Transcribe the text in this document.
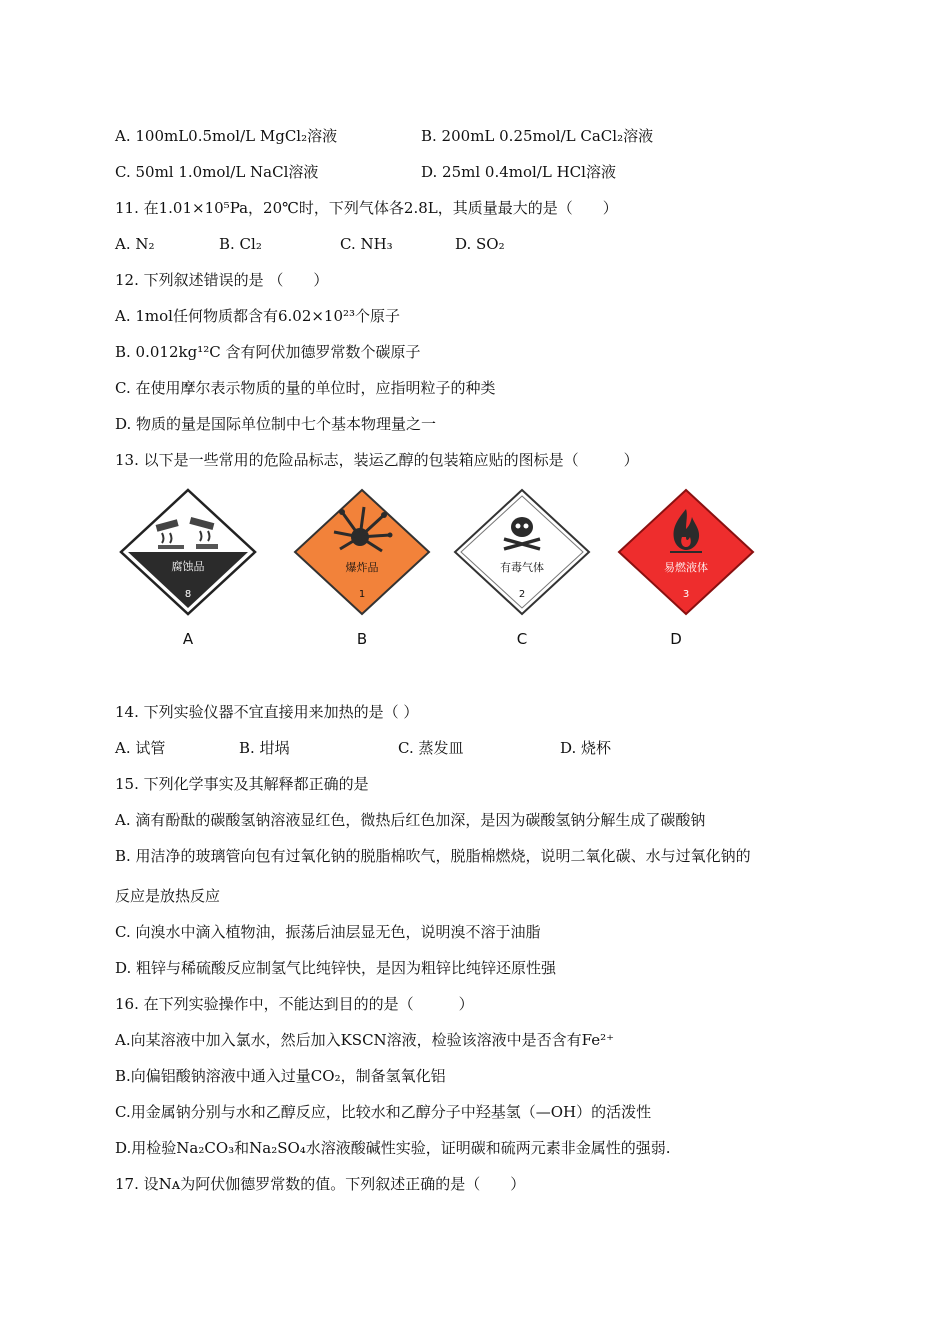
A. 100mL0.5mol/L MgCl₂溶液	B. 200mL 0.25mol/L CaCl₂溶液
C. 50ml 1.0mol/L NaCl溶液	D. 25ml 0.4mol/L HCl溶液
11. 在1.01×10⁵Pa，20℃时，下列气体各2.8L，其质量最大的是（　　）
A. N₂	B. Cl₂	C. NH₃	D. SO₂
12. 下列叙述错误的是 （　　）
A. 1mol任何物质都含有6.02×10²³个原子
B. 0.012kg¹²C 含有阿伏加德罗常数个碳原子
C. 在使用摩尔表示物质的量的单位时，应指明粒子的种类
D. 物质的量是国际单位制中七个基本物理量之一
13. 以下是一些常用的危险品标志，装运乙醇的包装箱应贴的图标是（　　　）
腐蚀品
8
A
爆炸品
1
B
有毒气体
2
C
易燃液体
3
D
14. 下列实验仪器不宜直接用来加热的是（ ）
A. 试管	B. 坩埚	C. 蒸发皿	D. 烧杯
15. 下列化学事实及其解释都正确的是
A. 滴有酚酞的碳酸氢钠溶液显红色，微热后红色加深，是因为碳酸氢钠分解生成了碳酸钠
B. 用洁净的玻璃管向包有过氧化钠的脱脂棉吹气，脱脂棉燃烧，说明二氧化碳、水与过氧化钠的
反应是放热反应
C. 向溴水中滴入植物油，振荡后油层显无色，说明溴不溶于油脂
D. 粗锌与稀硫酸反应制氢气比纯锌快，是因为粗锌比纯锌还原性强
16. 在下列实验操作中，不能达到目的的是（　　　）
A.向某溶液中加入氯水，然后加入KSCN溶液，检验该溶液中是否含有Fe²⁺
B.向偏铝酸钠溶液中通入过量CO₂，制备氢氧化铝
C.用金属钠分别与水和乙醇反应，比较水和乙醇分子中羟基氢（—OH）的活泼性
D.用检验Na₂CO₃和Na₂SO₄水溶液酸碱性实验，证明碳和硫两元素非金属性的强弱.
17. 设Nᴀ为阿伏伽德罗常数的值。下列叙述正确的是（　　）
